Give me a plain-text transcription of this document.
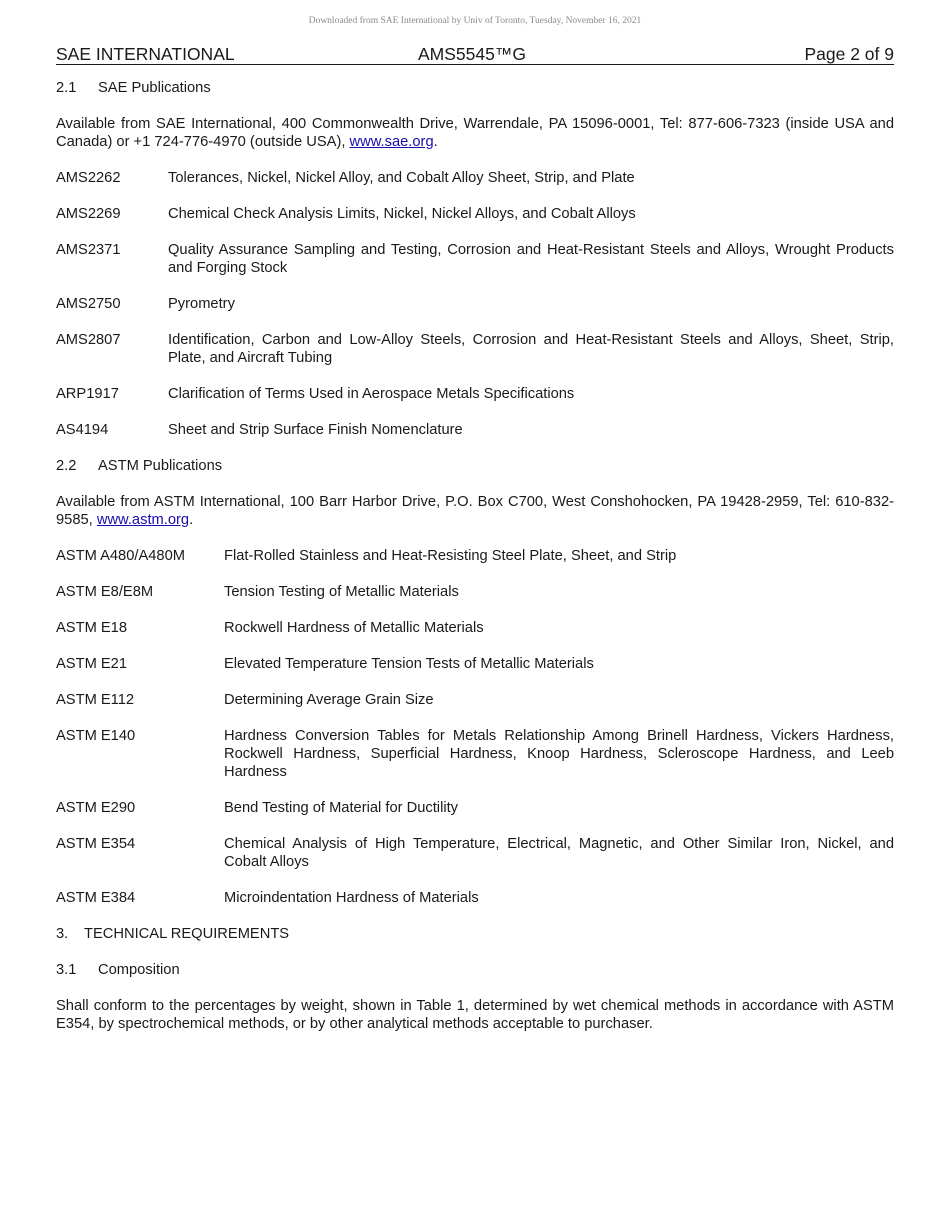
Downloaded from SAE International by Univ of Toronto, Tuesday, November 16, 2021
SAE INTERNATIONAL	AMS5545™G	Page 2 of 9
2.1	SAE Publications
Available from SAE International, 400 Commonwealth Drive, Warrendale, PA 15096-0001, Tel: 877-606-7323 (inside USA and Canada) or +1 724-776-4970 (outside USA), www.sae.org.
AMS2262	Tolerances, Nickel, Nickel Alloy, and Cobalt Alloy Sheet, Strip, and Plate
AMS2269	Chemical Check Analysis Limits, Nickel, Nickel Alloys, and Cobalt Alloys
AMS2371	Quality Assurance Sampling and Testing, Corrosion and Heat-Resistant Steels and Alloys, Wrought Products and Forging Stock
AMS2750	Pyrometry
AMS2807	Identification, Carbon and Low-Alloy Steels, Corrosion and Heat-Resistant Steels and Alloys, Sheet, Strip, Plate, and Aircraft Tubing
ARP1917	Clarification of Terms Used in Aerospace Metals Specifications
AS4194	Sheet and Strip Surface Finish Nomenclature
2.2	ASTM Publications
Available from ASTM International, 100 Barr Harbor Drive, P.O. Box C700, West Conshohocken, PA 19428-2959, Tel: 610-832-9585, www.astm.org.
ASTM A480/A480M	Flat-Rolled Stainless and Heat-Resisting Steel Plate, Sheet, and Strip
ASTM E8/E8M	Tension Testing of Metallic Materials
ASTM E18	Rockwell Hardness of Metallic Materials
ASTM E21	Elevated Temperature Tension Tests of Metallic Materials
ASTM E112	Determining Average Grain Size
ASTM E140	Hardness Conversion Tables for Metals Relationship Among Brinell Hardness, Vickers Hardness, Rockwell Hardness, Superficial Hardness, Knoop Hardness, Scleroscope Hardness, and Leeb Hardness
ASTM E290	Bend Testing of Material for Ductility
ASTM E354	Chemical Analysis of High Temperature, Electrical, Magnetic, and Other Similar Iron, Nickel, and Cobalt Alloys
ASTM E384	Microindentation Hardness of Materials
3.	TECHNICAL REQUIREMENTS
3.1	Composition
Shall conform to the percentages by weight, shown in Table 1, determined by wet chemical methods in accordance with ASTM E354, by spectrochemical methods, or by other analytical methods acceptable to purchaser.
